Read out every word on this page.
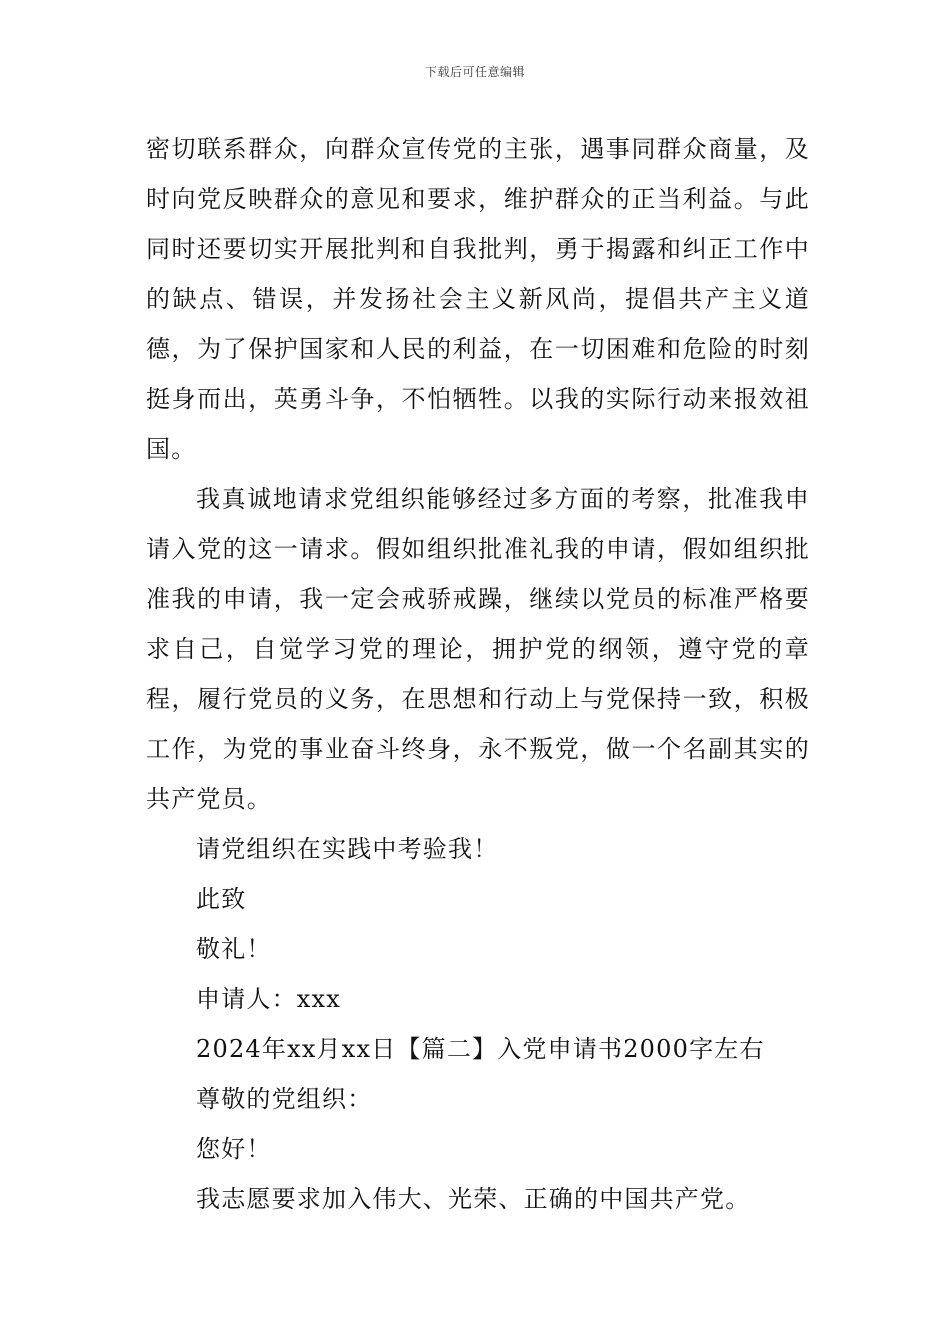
下载后可任意编辑

密切联系群众，向群众宣传党的主张，遇事同群众商量，及时向党反映群众的意见和要求，维护群众的正当利益。与此同时还要切实开展批判和自我批判，勇于揭露和纠正工作中的缺点、错误，并发扬社会主义新风尚，提倡共产主义道德，为了保护国家和人民的利益，在一切困难和危险的时刻挺身而出，英勇斗争，不怕牺牲。以我的实际行动来报效祖国。

我真诚地请求党组织能够经过多方面的考察，批准我申请入党的这一请求。假如组织批准礼我的申请，假如组织批准我的申请，我一定会戒骄戒躁，继续以党员的标准严格要求自己，自觉学习党的理论，拥护党的纲领，遵守党的章程，履行党员的义务，在思想和行动上与党保持一致，积极工作，为党的事业奋斗终身，永不叛党，做一个名副其实的共产党员。

请党组织在实践中考验我！

此致

敬礼！

申请人：xxx

2024年xx月xx日【篇二】入党申请书2000字左右

尊敬的党组织：

您好！

我志愿要求加入伟大、光荣、正确的中国共产党。
